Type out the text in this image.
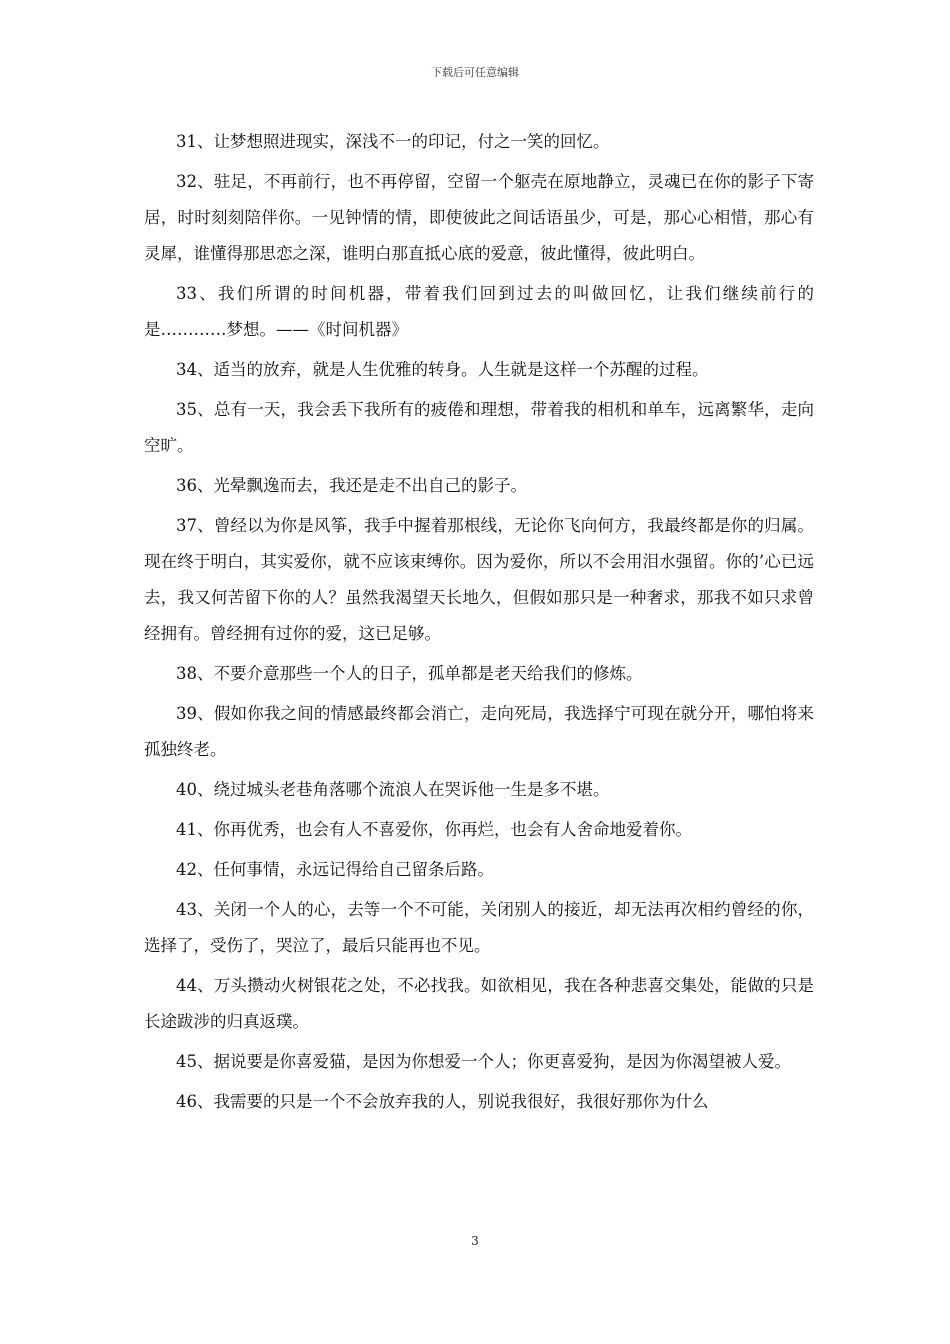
下载后可任意编辑

31、让梦想照进现实，深浅不一的印记，付之一笑的回忆。

32、驻足，不再前行，也不再停留，空留一个躯壳在原地静立，灵魂已在你的影子下寄居，时时刻刻陪伴你。一见钟情的情，即使彼此之间话语虽少，可是，那心心相惜，那心有灵犀，谁懂得那思恋之深，谁明白那直抵心底的爱意，彼此懂得，彼此明白。

33、我们所谓的时间机器，带着我们回到过去的叫做回忆，让我们继续前行的是…………梦想。——《时间机器》

34、适当的放弃，就是人生优雅的转身。人生就是这样一个苏醒的过程。

35、总有一天，我会丢下我所有的疲倦和理想，带着我的相机和单车，远离繁华，走向空旷。

36、光晕飘逸而去，我还是走不出自己的影子。

37、曾经以为你是风筝，我手中握着那根线，无论你飞向何方，我最终都是你的归属。现在终于明白，其实爱你，就不应该束缚你。因为爱你，所以不会用泪水强留。你的’心已远去，我又何苦留下你的人？虽然我渴望天长地久，但假如那只是一种奢求，那我不如只求曾经拥有。曾经拥有过你的爱，这已足够。

38、不要介意那些一个人的日子，孤单都是老天给我们的修炼。

39、假如你我之间的情感最终都会消亡，走向死局，我选择宁可现在就分开，哪怕将来孤独终老。

40、绕过城头老巷角落哪个流浪人在哭诉他一生是多不堪。

41、你再优秀，也会有人不喜爱你，你再烂，也会有人舍命地爱着你。

42、任何事情，永远记得给自己留条后路。

43、关闭一个人的心，去等一个不可能，关闭别人的接近，却无法再次相约曾经的你，选择了，受伤了，哭泣了，最后只能再也不见。

44、万头攒动火树银花之处，不必找我。如欲相见，我在各种悲喜交集处，能做的只是长途跋涉的归真返璞。

45、据说要是你喜爱猫，是因为你想爱一个人；你更喜爱狗，是因为你渴望被人爱。

46、我需要的只是一个不会放弃我的人，别说我很好，我很好那你为什么

3
